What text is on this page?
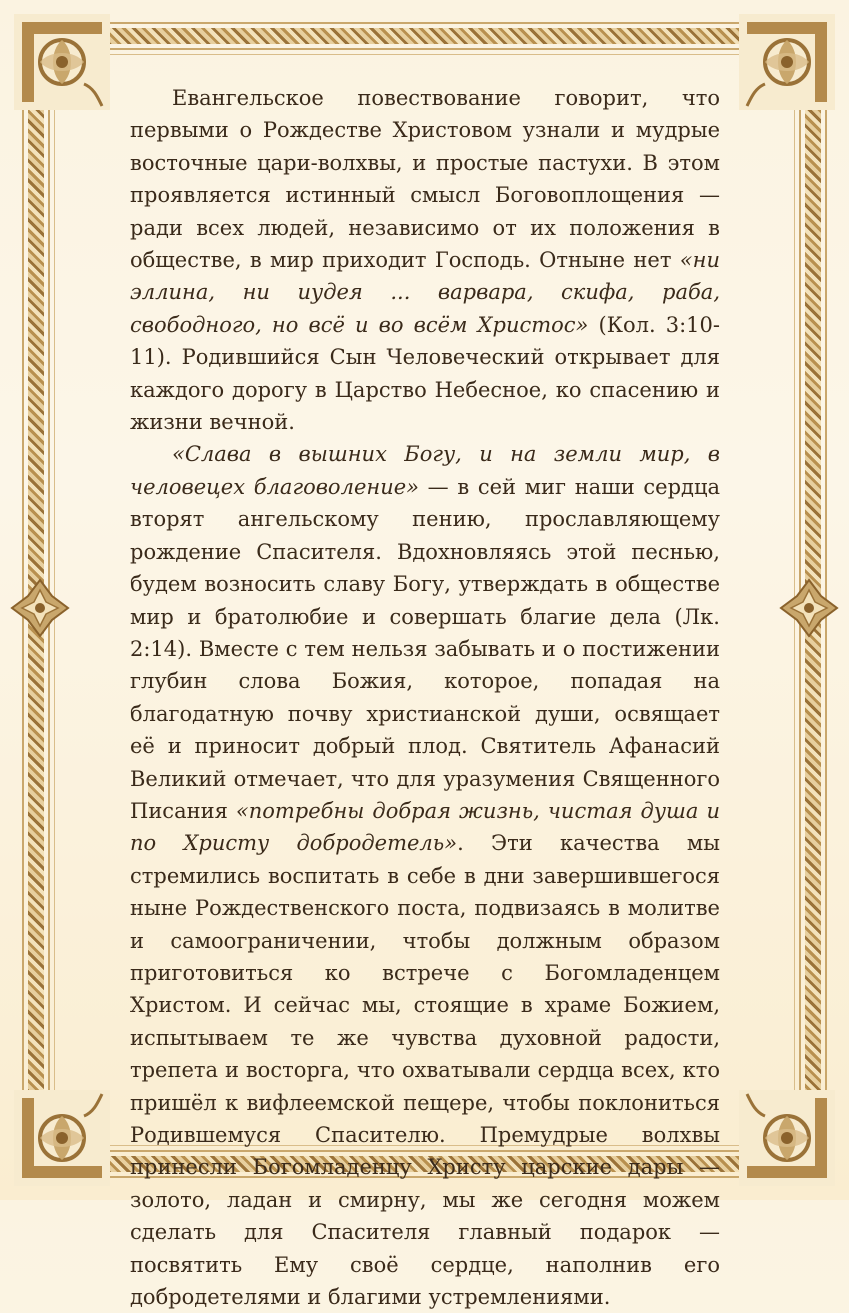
Евангельское повествование говорит, что первыми о Рождестве Христовом узнали и мудрые восточные цари-волхвы, и простые пастухи. В этом проявляется истинный смысл Боговоплощения — ради всех людей, независимо от их положения в обществе, в мир приходит Господь. Отныне нет «ни эллина, ни иудея ... варвара, скифа, раба, свободного, но всё и во всём Христос» (Кол. 3:10-11). Родившийся Сын Человеческий открывает для каждого дорогу в Царство Небесное, ко спасению и жизни вечной.

«Слава в вышних Богу, и на земли мир, в человецех благоволение» — в сей миг наши сердца вторят ангельскому пению, прославляющему рождение Спасителя. Вдохновляясь этой песнью, будем возносить славу Богу, утверждать в обществе мир и братолюбие и совершать благие дела (Лк. 2:14). Вместе с тем нельзя забывать и о постижении глубин слова Божия, которое, попадая на благодатную почву христианской души, освящает её и приносит добрый плод. Святитель Афанасий Великий отмечает, что для уразумения Священного Писания «потребны добрая жизнь, чистая душа и по Христу добродетель». Эти качества мы стремились воспитать в себе в дни завершившегося ныне Рождественского поста, подвизаясь в молитве и самоограничении, чтобы должным образом приготовиться ко встрече с Богомладенцем Христом. И сейчас мы, стоящие в храме Божием, испытываем те же чувства духовной радости, трепета и восторга, что охватывали сердца всех, кто пришёл к вифлеемской пещере, чтобы поклониться Родившемуся Спасителю. Премудрые волхвы принесли Богомладенцу Христу царские дары — золото, ладан и смирну, мы же сегодня можем сделать для Спасителя главный подарок — посвятить Ему своё сердце, наполнив его добродетелями и благими устремлениями.
